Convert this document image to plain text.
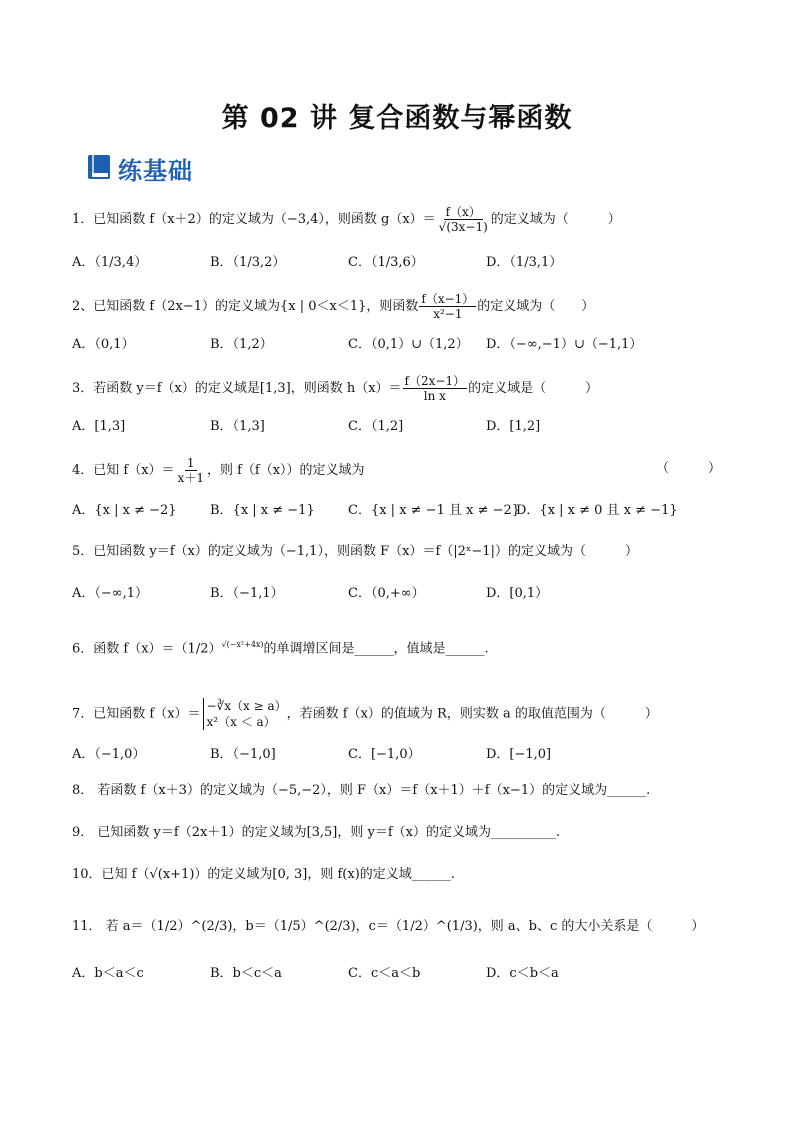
第 02 讲 复合函数与幂函数
练基础
1．已知函数 f（x＋2）的定义域为（−3,4），则函数 $g(x)= \frac{f(x)}{√(3x-1)}$ 的定义域为（　　　）
A．（1/3,4）	B．（1/3,2）	C．（1/3,6）	D．（1/3,1）
2、已知函数 f（2x−1）的定义域为{x | 0＜x＜1}，则函数 $\frac{f(x-1)}{\text{x²−1}}$ 的定义域为（　　）
A．（0,1）	B．（1,2）	C．（0,1）∪（1,2） D．（−∞,−1）∪（−1,1）
3．若函数 y＝f（x）的定义域是[1,3]，则函数 $h(x)= \frac{f(2x-1)}{\text{ln x}}$ 的定义域是（　　　）
A．[1,3]	B．（1,3]	C．（1,2]	D．[1,2]
4．已知 $f(x)= \frac{1}{x+1}$ ，则 f（f（x））的定义域为	（　　　）
A．{x | x ≠ −2}	B．{x | x ≠ −1}	C．{x | x ≠ −1 且 x ≠ −2}
D．{x | x ≠ 0 且 x ≠ −1}
5．已知函数 y＝f（x）的定义域为（−1,1），则函数 F（x）＝f（|2ˣ−1|）的定义域为（　　　）
A．（−∞,1）	B．（−1,1）	C．（0,+∞）	D．[0,1）
6．函数 $f(x)=(1/2)^{√(-x^2+4x)}$的单调增区间是______，值域是______.
7．已知函数 f（x）＝
−∛x（x ≥ a）
x²（x ＜ a）
，若函数 f（x）的值域为 R，则实数 a 的取值范围为（　　　）
A．（−1,0）	B．（−1,0]	C．[−1,0）	D．[−1,0]
8． 若函数 f（x＋3）的定义域为（−5,−2），则 F（x）＝f（x＋1）＋f（x−1）的定义域为______.
9． 已知函数 y＝f（2x＋1）的定义域为[3,5]，则 y＝f（x）的定义域为__________.
10．已知 f（√(x+1)）的定义域为[0, 3]，则 f(x)的定义域______.
11． 若 a＝（1/2）^(2/3)，b＝（1/5）^(2/3)，c＝（1/2）^(1/3)，则 a、b、c 的大小关系是（　　　）
A．b＜a＜c	B．b＜c＜a	C．c＜a＜b	D．c＜b＜a
